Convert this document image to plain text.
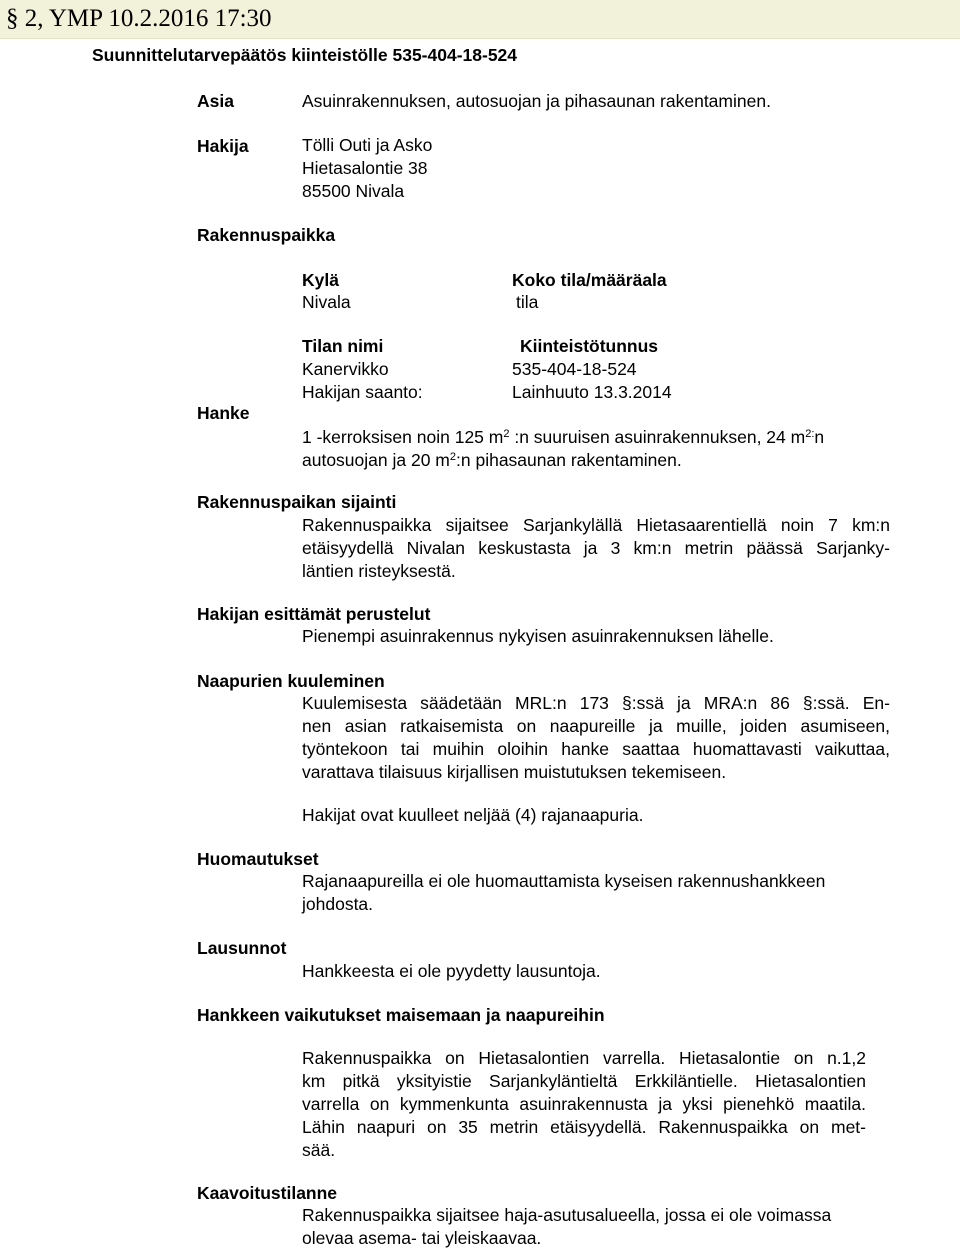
§ 2, YMP 10.2.2016 17:30
Suunnittelutarvepäätös kiinteistölle 535-404-18-524
Asia	Asuinrakennuksen, autosuojan ja pihasaunan rakentaminen.
Hakija	Tölli Outi ja Asko
Hietasalontie 38
85500 Nivala
Rakennuspaikka
Kylä	Koko tila/määräala
Nivala	tila
Tilan nimi	Kiinteistötunnus
Kanervikko	535-404-18-524
Hakijan saanto:	Lainhuuto 13.3.2014
Hanke
1 -kerroksisen noin 125 $m^2$ :n suuruisen asuinrakennuksen, 24 $m^{2:}n$
autosuojan ja 20 $m^2:n$ pihasaunan rakentaminen.
Rakennuspaikan sijainti
Rakennuspaikka sijaitsee Sarjankylällä Hietasaarentiellä noin 7 km:n
etäisyydellä Nivalan keskustasta ja 3 km:n metrin päässä Sarjanky-
läntien risteyksestä.
Hakijan esittämät perustelut
Pienempi asuinrakennus nykyisen asuinrakennuksen lähelle.
Naapurien kuuleminen
Kuulemisesta säädetään MRL:n 173 §:ssä ja MRA:n 86 §:ssä. En-
nen asian ratkaisemista on naapureille ja muille, joiden asumiseen,
työntekoon tai muihin oloihin hanke saattaa huomattavasti vaikuttaa,
varattava tilaisuus kirjallisen muistutuksen tekemiseen.
Hakijat ovat kuulleet neljää (4) rajanaapuria.
Huomautukset
Rajanaapureilla ei ole huomauttamista kyseisen rakennushankkeen
johdosta.
Lausunnot
Hankkeesta ei ole pyydetty lausuntoja.
Hankkeen vaikutukset maisemaan ja naapureihin
Rakennuspaikka on Hietasalontien varrella. Hietasalontie on n.1,2
km pitkä yksityistie Sarjankyläntieltä Erkkiläntielle. Hietasalontien
varrella on kymmenkunta asuinrakennusta ja yksi pienehkö maatila.
Lähin naapuri on 35 metrin etäisyydellä. Rakennuspaikka on met-
sää.
Kaavoitustilanne
Rakennuspaikka sijaitsee haja-asutusalueella, jossa ei ole voimassa
olevaa asema- tai yleiskaavaa.
